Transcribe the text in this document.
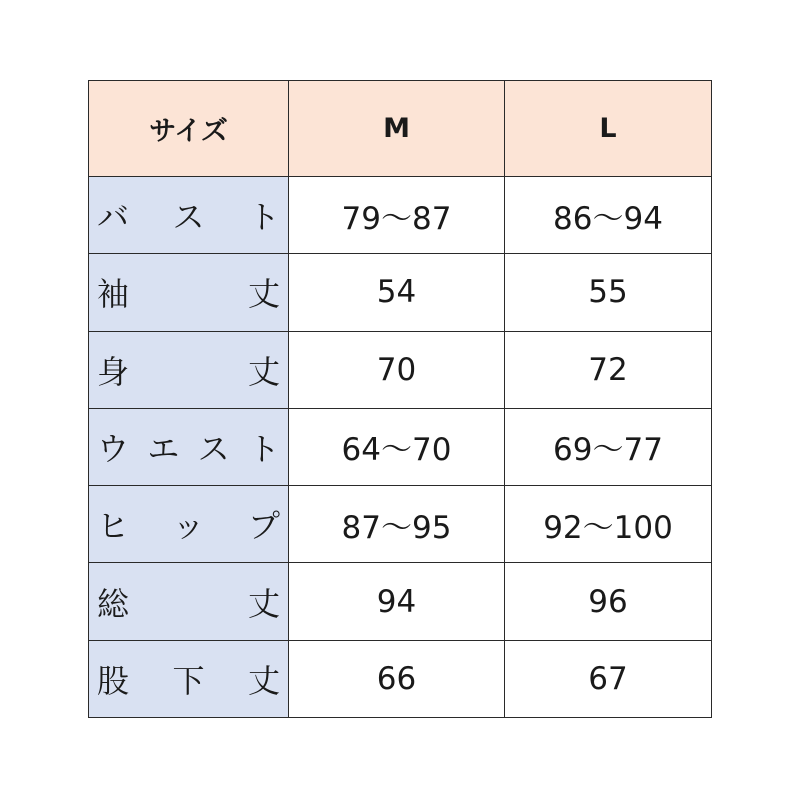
サイズ	M	L

バ ス ト	79〜87	86〜94

袖 丈	54	55

身 丈	70	72

ウ エ ス ト	64〜70	69〜77

ヒ ッ プ	87〜95	92〜100

総 丈	94	96

股 下 丈	66	67
